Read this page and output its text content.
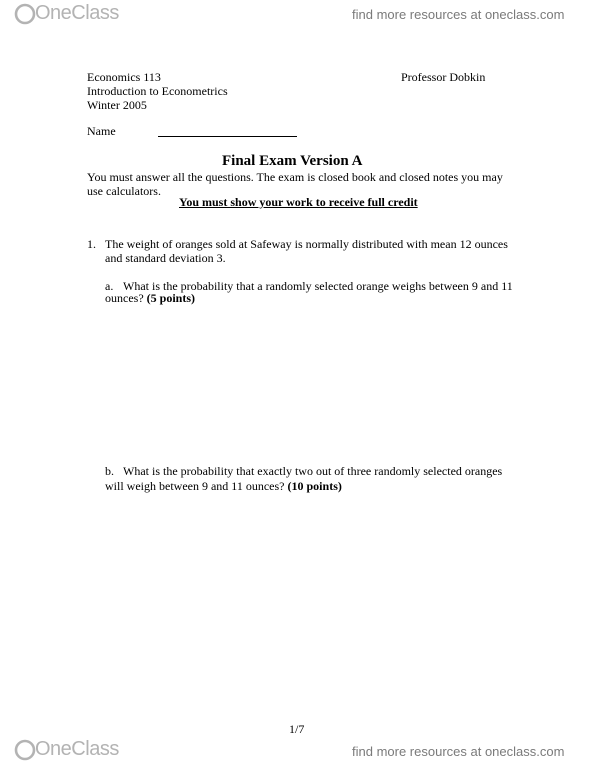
OneClass	find more resources at oneclass.com
Economics 113
Introduction to Econometrics
Winter 2005
Professor Dobkin
Name
Final Exam Version A
You must answer all the questions. The exam is closed book and closed notes you may
use calculators.
You must show your work to receive full credit
1. The weight of oranges sold at Safeway is normally distributed with mean 12 ounces
and standard deviation 3.
a. What is the probability that a randomly selected orange weighs between 9 and 11
ounces? (5 points)
b. What is the probability that exactly two out of three randomly selected oranges
will weigh between 9 and 11 ounces? (10 points)
1/7
OneClass	find more resources at oneclass.com
